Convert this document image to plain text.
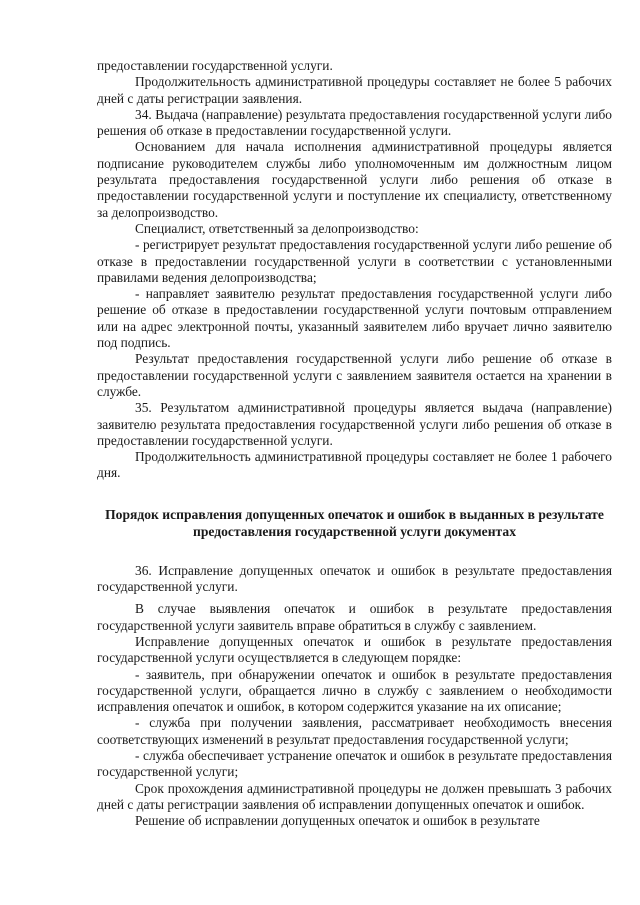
предоставлении государственной услуги.

Продолжительность административной процедуры составляет не более 5 рабочих дней с даты регистрации заявления.

34. Выдача (направление) результата предоставления государственной услуги либо решения об отказе в предоставлении государственной услуги.

Основанием для начала исполнения административной процедуры является подписание руководителем службы либо уполномоченным им должностным лицом результата предоставления государственной услуги либо решения об отказе в предоставлении государственной услуги и поступление их специалисту, ответственному за делопроизводство.

Специалист, ответственный за делопроизводство:

- регистрирует результат предоставления государственной услуги либо решение об отказе в предоставлении государственной услуги в соответствии с установленными правилами ведения делопроизводства;

- направляет заявителю результат предоставления государственной услуги либо решение об отказе в предоставлении государственной услуги почтовым отправлением или на адрес электронной почты, указанный заявителем либо вручает лично заявителю под подпись.

Результат предоставления государственной услуги либо решение об отказе в предоставлении государственной услуги с заявлением заявителя остается на хранении в службе.

35. Результатом административной процедуры является выдача (направление) заявителю результата предоставления государственной услуги либо решения об отказе в предоставлении государственной услуги.

Продолжительность административной процедуры составляет не более 1 рабочего дня.

Порядок исправления допущенных опечаток и ошибок в выданных в результате предоставления государственной услуги документах

36. Исправление допущенных опечаток и ошибок в результате предоставления государственной услуги.

В случае выявления опечаток и ошибок в результате предоставления государственной услуги заявитель вправе обратиться в службу с заявлением.

Исправление допущенных опечаток и ошибок в результате предоставления государственной услуги осуществляется в следующем порядке:

- заявитель, при обнаружении опечаток и ошибок в результате предоставления государственной услуги, обращается лично в службу с заявлением о необходимости исправления опечаток и ошибок, в котором содержится указание на их описание;

- служба при получении заявления, рассматривает необходимость внесения соответствующих изменений в результат предоставления государственной услуги;

- служба обеспечивает устранение опечаток и ошибок в результате предоставления государственной услуги;

Срок прохождения административной процедуры не должен превышать 3 рабочих дней с даты регистрации заявления об исправлении допущенных опечаток и ошибок.

Решение об исправлении допущенных опечаток и ошибок в результате
